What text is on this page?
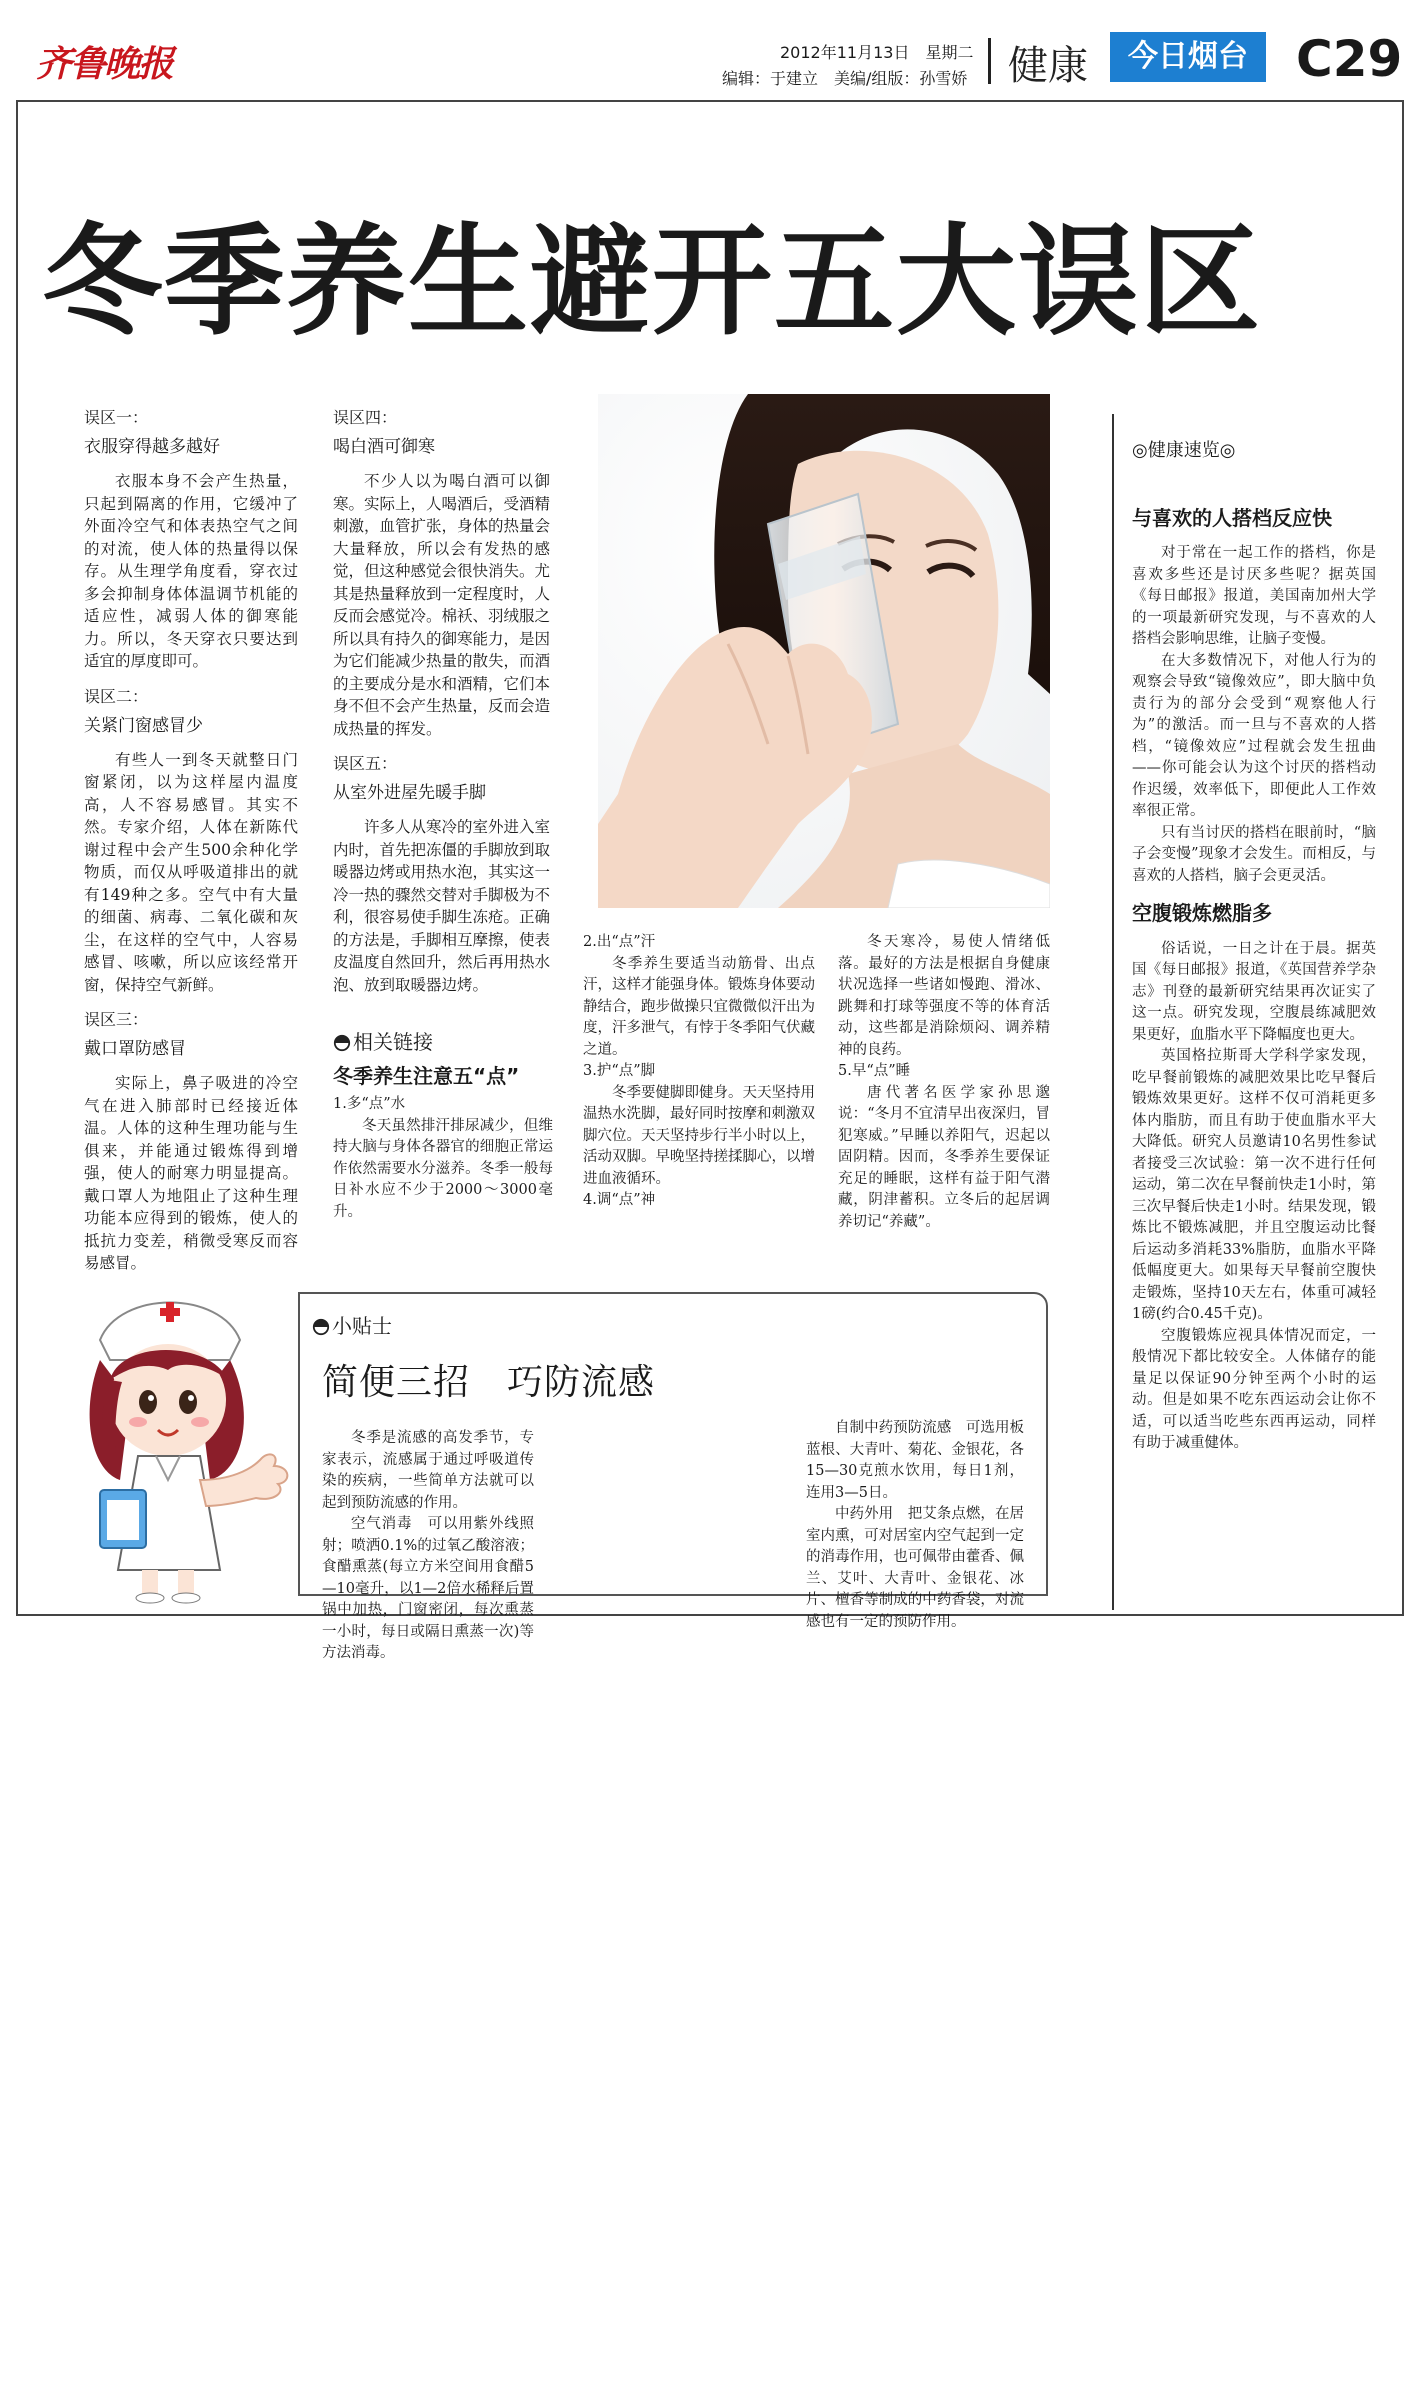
齐鲁晚报	2012年11月13日　星期二
编辑：于建立　美编/组版：孙雪娇 健康	今日烟台 C29
冬季养生避开五大误区
误区一：
衣服穿得越多越好

衣服本身不会产生热量，只起到隔离的作用，它缓冲了外面冷空气和体表热空气之间的对流，使人体的热量得以保存。从生理学角度看，穿衣过多会抑制身体体温调节机能的适应性，减弱人体的御寒能力。所以，冬天穿衣只要达到适宜的厚度即可。

误区二：
关紧门窗感冒少

有些人一到冬天就整日门窗紧闭，以为这样屋内温度高，人不容易感冒。其实不然。专家介绍，人体在新陈代谢过程中会产生500余种化学物质，而仅从呼吸道排出的就有149种之多。空气中有大量的细菌、病毒、二氧化碳和灰尘，在这样的空气中，人容易感冒、咳嗽，所以应该经常开窗，保持空气新鲜。

误区三：
戴口罩防感冒

实际上，鼻子吸进的冷空气在进入肺部时已经接近体温。人体的这种生理功能与生俱来，并能通过锻炼得到增强，使人的耐寒力明显提高。戴口罩人为地阻止了这种生理功能本应得到的锻炼，使人的抵抗力变差，稍微受寒反而容易感冒。

误区四：
喝白酒可御寒

不少人以为喝白酒可以御寒。实际上，人喝酒后，受酒精刺激，血管扩张，身体的热量会大量释放，所以会有发热的感觉，但这种感觉会很快消失。尤其是热量释放到一定程度时，人反而会感觉冷。棉袄、羽绒服之所以具有持久的御寒能力，是因为它们能减少热量的散失，而酒的主要成分是水和酒精，它们本身不但不会产生热量，反而会造成热量的挥发。

误区五：
从室外进屋先暖手脚

许多人从寒冷的室外进入室内时，首先把冻僵的手脚放到取暖器边烤或用热水泡，其实这一冷一热的骤然交替对手脚极为不利，很容易使手脚生冻疮。正确的方法是，手脚相互摩擦，使表皮温度自然回升，然后再用热水泡、放到取暖器边烤。

相关链接
冬季养生注意五“点”

1.多“点”水

冬天虽然排汗排尿减少，但维持大脑与身体各器官的细胞正常运作依然需要水分滋养。冬季一般每日补水应不少于2000～3000毫升。

2.出“点”汗

冬季养生要适当动筋骨、出点汗，这样才能强身体。锻炼身体要动静结合，跑步做操只宜微微似汗出为度，汗多泄气，有悖于冬季阳气伏藏之道。

3.护“点”脚

冬季要健脚即健身。天天坚持用温热水洗脚，最好同时按摩和刺激双脚穴位。天天坚持步行半小时以上，活动双脚。早晚坚持搓揉脚心，以增进血液循环。

4.调“点”神

冬天寒冷，易使人情绪低落。最好的方法是根据自身健康状况选择一些诸如慢跑、滑冰、跳舞和打球等强度不等的体育活动，这些都是消除烦闷、调养精神的良药。

5.早“点”睡

唐代著名医学家孙思邈说：“冬月不宜清早出夜深归，冒犯寒威。”早睡以养阳气，迟起以固阴精。因而，冬季养生要保证充足的睡眠，这样有益于阳气潜藏，阴津蓄积。立冬后的起居调养切记“养藏”。

◎健康速览◎
与喜欢的人搭档反应快

对于常在一起工作的搭档，你是喜欢多些还是讨厌多些呢？据英国《每日邮报》报道，美国南加州大学的一项最新研究发现，与不喜欢的人搭档会影响思维，让脑子变慢。

在大多数情况下，对他人行为的观察会导致“镜像效应”，即大脑中负责行为的部分会受到“观察他人行为”的激活。而一旦与不喜欢的人搭档，“镜像效应”过程就会发生扭曲——你可能会认为这个讨厌的搭档动作迟缓，效率低下，即便此人工作效率很正常。

只有当讨厌的搭档在眼前时，“脑子会变慢”现象才会发生。而相反，与喜欢的人搭档，脑子会更灵活。

空腹锻炼燃脂多

俗话说，一日之计在于晨。据英国《每日邮报》报道，《英国营养学杂志》刊登的最新研究结果再次证实了这一点。研究发现，空腹晨练减肥效果更好，血脂水平下降幅度也更大。

英国格拉斯哥大学科学家发现，吃早餐前锻炼的减肥效果比吃早餐后锻炼效果更好。这样不仅可消耗更多体内脂肪，而且有助于使血脂水平大大降低。研究人员邀请10名男性参试者接受三次试验：第一次不进行任何运动，第二次在早餐前快走1小时，第三次早餐后快走1小时。结果发现，锻炼比不锻炼减肥，并且空腹运动比餐后运动多消耗33%脂肪，血脂水平降低幅度更大。如果每天早餐前空腹快走锻炼，坚持10天左右，体重可减轻1磅(约合0.45千克)。

空腹锻炼应视具体情况而定，一般情况下都比较安全。人体储存的能量足以保证90分钟至两个小时的运动。但是如果不吃东西运动会让你不适，可以适当吃些东西再运动，同样有助于减重健体。

小贴士
简便三招　巧防流感

冬季是流感的高发季节，专家表示，流感属于通过呼吸道传染的疾病，一些简单方法就可以起到预防流感的作用。

空气消毒　可以用紫外线照射；喷洒0.1%的过氧乙酸溶液；食醋熏蒸(每立方米空间用食醋5—10毫升，以1—2倍水稀释后置锅中加热，门窗密闭，每次熏蒸一小时，每日或隔日熏蒸一次)等方法消毒。

自制中药预防流感　可选用板蓝根、大青叶、菊花、金银花，各15—30克煎水饮用，每日1剂，连用3—5日。

中药外用　把艾条点燃，在居室内熏，可对居室内空气起到一定的消毒作用，也可佩带由藿香、佩兰、艾叶、大青叶、金银花、冰片、檀香等制成的中药香袋，对流感也有一定的预防作用。
